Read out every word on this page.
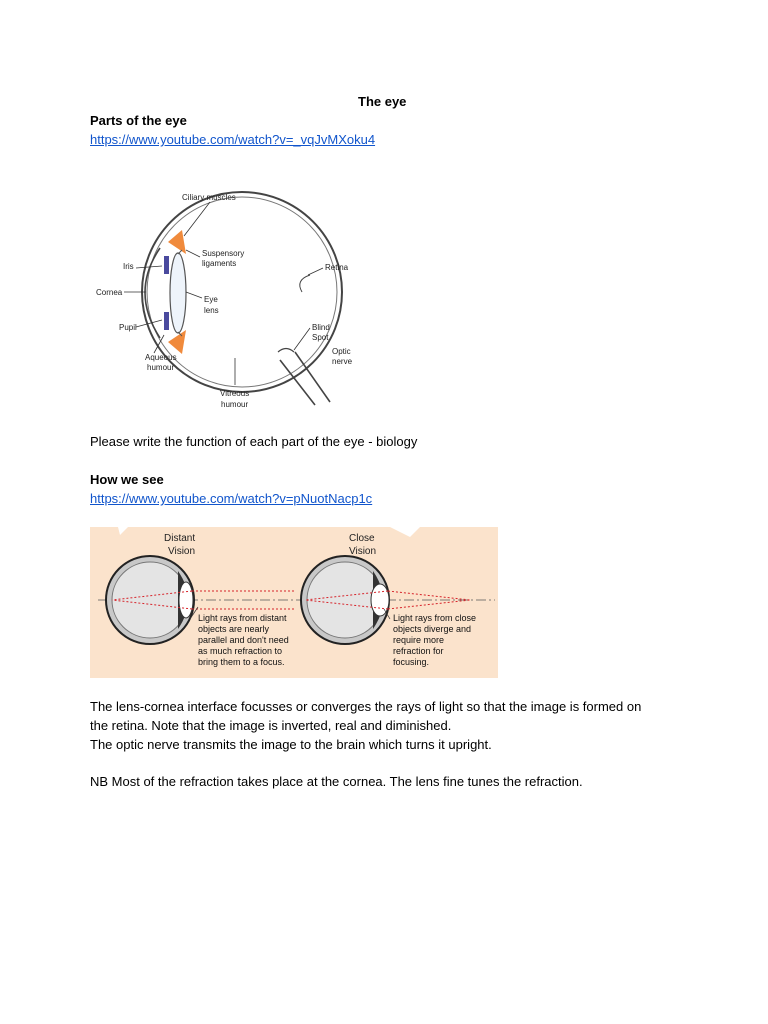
The eye
Parts of the eye
https://www.youtube.com/watch?v=_vqJvMXoku4
Ciliary muscles
Suspensory
ligaments
Iris	Retina
Cornea
Eye
lens
Pupil	Blind
Spot
Optic
nerve
Aqueous
humour
Vitreous
humour
Please write the function of each part of the eye - biology
How we see
https://www.youtube.com/watch?v=pNuotNacp1c
Distant
Vision
Close
Vision
Light rays from distant
objects are nearly
parallel and don't need
as much refraction to
bring them to a focus.
Light rays from close
objects diverge and
require more
refraction for
focusing.
The lens-cornea interface focusses or converges the rays of light so that the image is formed on
the retina. Note that the image is inverted, real and diminished.
The optic nerve transmits the image to the brain which turns it upright.
NB Most of the refraction takes place at the cornea. The lens fine tunes the refraction.
